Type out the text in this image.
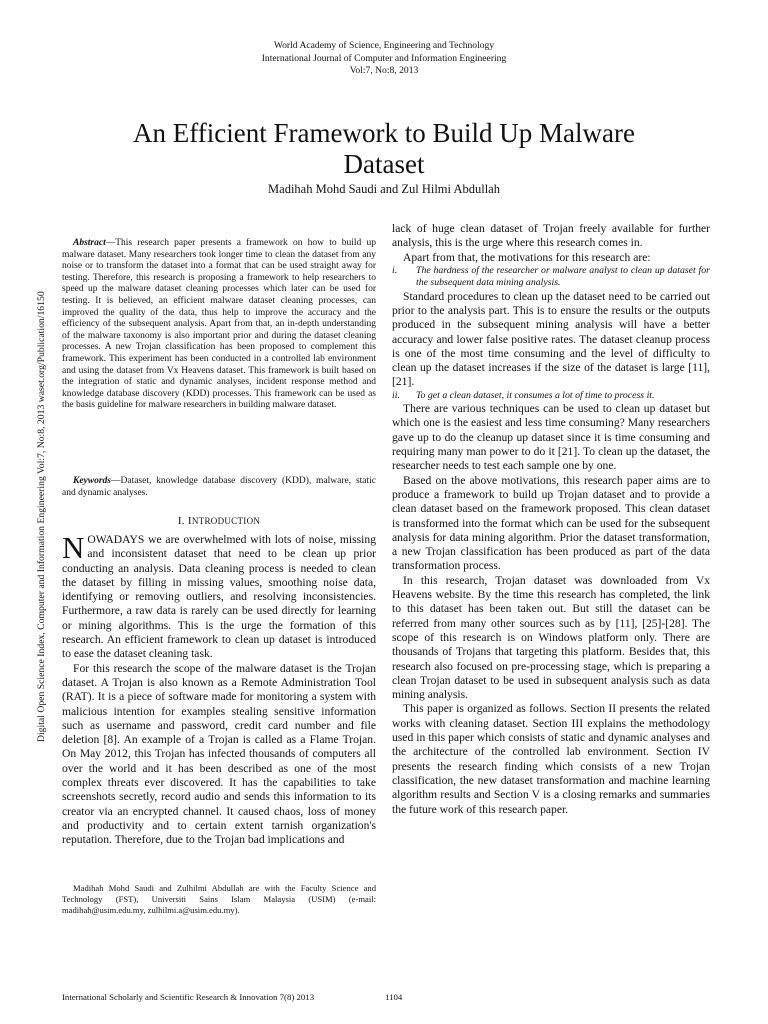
World Academy of Science, Engineering and Technology
International Journal of Computer and Information Engineering
Vol:7, No:8, 2013
An Efficient Framework to Build Up Malware
Dataset
Madihah Mohd Saudi and Zul Hilmi Abdullah
Digital Open Science Index, Computer and Information Engineering Vol:7, No:8, 2013 waset.org/Publication/16150

Abstract—This research paper presents a framework on how to build up malware dataset. Many researchers took longer time to clean the dataset from any noise or to transform the dataset into a format that can be used straight away for testing. Therefore, this research is proposing a framework to help researchers to speed up the malware dataset cleaning processes which later can be used for testing. It is believed, an efficient malware dataset cleaning processes, can improved the quality of the data, thus help to improve the accuracy and the efficiency of the subsequent analysis. Apart from that, an in-depth understanding of the malware taxonomy is also important prior and during the dataset cleaning processes. A new Trojan classification has been proposed to complement this framework. This experiment has been conducted in a controlled lab environment and using the dataset from Vx Heavens dataset. This framework is built based on the integration of static and dynamic analyses, incident response method and knowledge database discovery (KDD) processes. This framework can be used as the basis guideline for malware researchers in building malware dataset.

Keywords—Dataset, knowledge database discovery (KDD), malware, static and dynamic analyses.

I. INTRODUCTION

NOWADAYS we are overwhelmed with lots of noise, missing and inconsistent dataset that need to be clean up prior conducting an analysis. Data cleaning process is needed to clean the dataset by filling in missing values, smoothing noise data, identifying or removing outliers, and resolving inconsistencies. Furthermore, a raw data is rarely can be used directly for learning or mining algorithms. This is the urge the formation of this research. An efficient framework to clean up dataset is introduced to ease the dataset cleaning task.

For this research the scope of the malware dataset is the Trojan dataset. A Trojan is also known as a Remote Administration Tool (RAT). It is a piece of software made for monitoring a system with malicious intention for examples stealing sensitive information such as username and password, credit card number and file deletion [8]. An example of a Trojan is called as a Flame Trojan. On May 2012, this Trojan has infected thousands of computers all over the world and it has been described as one of the most complex threats ever discovered. It has the capabilities to take screenshots secretly, record audio and sends this information to its creator via an encrypted channel. It caused chaos, loss of money and productivity and to certain extent tarnish organization's reputation. Therefore, due to the Trojan bad implications and

Madihah Mohd Saudi and Zulhilmi Abdullah are with the Faculty Science and Technology (FST), Universiti Sains Islam Malaysia (USIM) (e-mail: madihah@usim.edu.my, zulhilmi.a@usim.edu.my).

lack of huge clean dataset of Trojan freely available for further analysis, this is the urge where this research comes in.

Apart from that, the motivations for this research are:

i. The hardness of the researcher or malware analyst to clean up dataset for the subsequent data mining analysis.

Standard procedures to clean up the dataset need to be carried out prior to the analysis part. This is to ensure the results or the outputs produced in the subsequent mining analysis will have a better accuracy and lower false positive rates. The dataset cleanup process is one of the most time consuming and the level of difficulty to clean up the dataset increases if the size of the dataset is large [11], [21].

ii. To get a clean dataset, it consumes a lot of time to process it.

There are various techniques can be used to clean up dataset but which one is the easiest and less time consuming? Many researchers gave up to do the cleanup up dataset since it is time consuming and requiring many man power to do it [21]. To clean up the dataset, the researcher needs to test each sample one by one.

Based on the above motivations, this research paper aims are to produce a framework to build up Trojan dataset and to provide a clean dataset based on the framework proposed. This clean dataset is transformed into the format which can be used for the subsequent analysis for data mining algorithm. Prior the dataset transformation, a new Trojan classification has been produced as part of the data transformation process.

In this research, Trojan dataset was downloaded from Vx Heavens website. By the time this research has completed, the link to this dataset has been taken out. But still the dataset can be referred from many other sources such as by [11], [25]-[28]. The scope of this research is on Windows platform only. There are thousands of Trojans that targeting this platform. Besides that, this research also focused on pre-processing stage, which is preparing a clean Trojan dataset to be used in subsequent analysis such as data mining analysis.

This paper is organized as follows. Section II presents the related works with cleaning dataset. Section III explains the methodology used in this paper which consists of static and dynamic analyses and the architecture of the controlled lab environment. Section IV presents the research finding which consists of a new Trojan classification, the new dataset transformation and machine learning algorithm results and Section V is a closing remarks and summaries the future work of this research paper.

International Scholarly and Scientific Research & Innovation 7(8) 2013	1104
